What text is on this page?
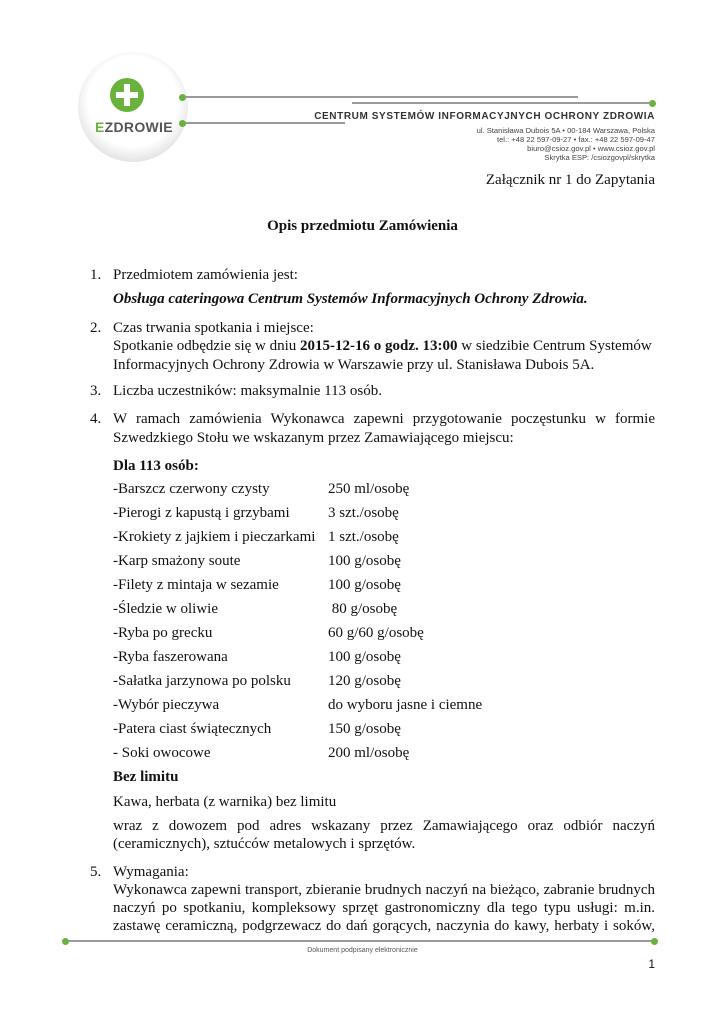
EZDROWIE
CENTRUM SYSTEMÓW INFORMACYJNYCH OCHRONY ZDROWIA
ul. Stanisława Dubois 5A • 00-184 Warszawa, Polska
tel.: +48 22 597-09-27 • fax.: +48 22 597-09-47
biuro@csioz.gov.pl • www.csioz.gov.pl
Skrytka ESP: /csiozgovpl/skrytka
Załącznik nr 1 do Zapytania
Opis przedmiotu Zamówienia
1. Przedmiotem zamówienia jest:
Obsługa cateringowa Centrum Systemów Informacyjnych Ochrony Zdrowia.
2. Czas trwania spotkania i miejsce:
Spotkanie odbędzie się w dniu 2015-12-16 o godz. 13:00 w siedzibie Centrum Systemów
Informacyjnych Ochrony Zdrowia w Warszawie przy ul. Stanisława Dubois 5A.
3. Liczba uczestników: maksymalnie 113 osób.
4. W ramach zamówienia Wykonawca zapewni przygotowanie poczęstunku w formie
Szwedzkiego Stołu we wskazanym przez Zamawiającego miejscu:
Dla 113 osób:
-Barszcz czerwony czysty	250 ml/osobę
-Pierogi z kapustą i grzybami	3 szt./osobę
-Krokiety z jajkiem i pieczarkami 1 szt./osobę
-Karp smażony soute	100 g/osobę
-Filety z mintaja w sezamie	100 g/osobę
-Śledzie w oliwie	80 g/osobę
-Ryba po grecku	60 g/60 g/osobę
-Ryba faszerowana	100 g/osobę
-Sałatka jarzynowa po polsku 120 g/osobę
-Wybór pieczywa	do wyboru jasne i ciemne
-Patera ciast świątecznych	150 g/osobę
- Soki owocowe	200 ml/osobę
Bez limitu
Kawa, herbata (z warnika) bez limitu
wraz z dowozem pod adres wskazany przez Zamawiającego oraz odbiór naczyń
(ceramicznych), sztućców metalowych i sprzętów.
5. Wymagania:
Wykonawca zapewni transport, zbieranie brudnych naczyń na bieżąco, zabranie brudnych
naczyń po spotkaniu, kompleksowy sprzęt gastronomiczny dla tego typu usługi: m.in.
zastawę ceramiczną, podgrzewacz do dań gorących, naczynia do kawy, herbaty i soków,
Dokument podpisany elektronicznie
1
